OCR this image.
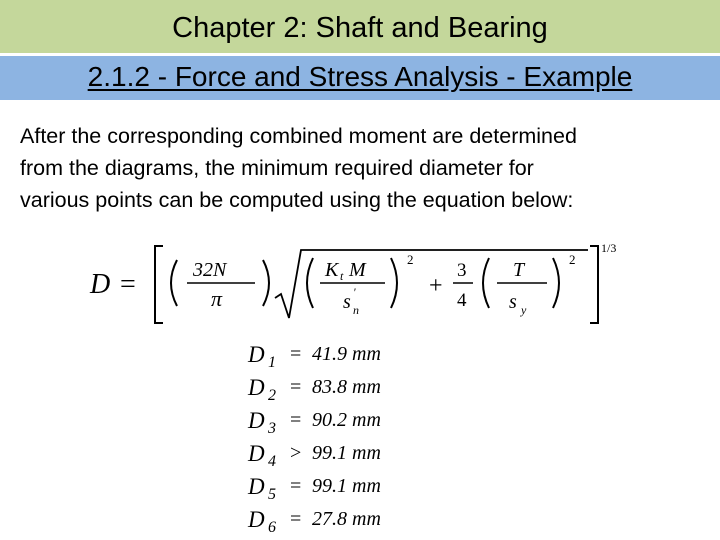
Chapter 2: Shaft and Bearing
2.1.2 - Force and Stress Analysis - Example
After the corresponding combined moment are determined
from the diagrams, the minimum required diameter for
various points can be computed using the equation below:
D =	32N
π
K t M
s '
n
2
+
3
4
T
s y
2
1/3
D 1 = 41.9 mm
D 2 = 83.8 mm
D 3 = 90.2 mm
D 4 > 99.1 mm
D 5 = 99.1 mm
D 6 = 27.8 mm
